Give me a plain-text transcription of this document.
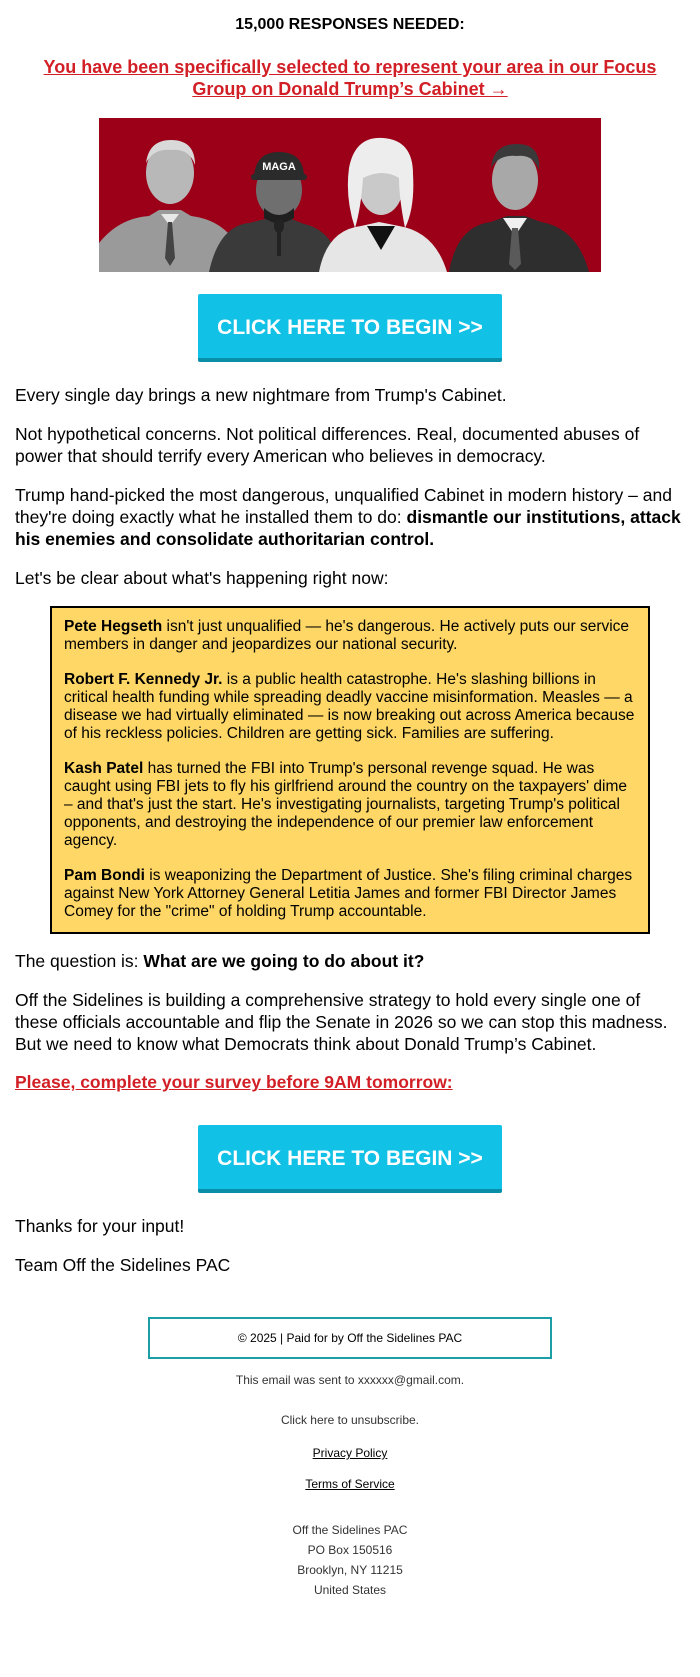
15,000 RESPONSES NEEDED:
You have been specifically selected to represent your area in our Focus Group on Donald Trump’s Cabinet →
MAGA
CLICK HERE TO BEGIN >>

Every single day brings a new nightmare from Trump's Cabinet.

Not hypothetical concerns. Not political differences. Real, documented abuses of power that should terrify every American who believes in democracy.

Trump hand-picked the most dangerous, unqualified Cabinet in modern history – and they're doing exactly what he installed them to do: dismantle our institutions, attack his enemies and consolidate authoritarian control.

Let's be clear about what's happening right now:

Pete Hegseth isn't just unqualified — he's dangerous. He actively puts our service members in danger and jeopardizes our national security.

Robert F. Kennedy Jr. is a public health catastrophe. He's slashing billions in critical health funding while spreading deadly vaccine misinformation. Measles — a disease we had virtually eliminated — is now breaking out across America because of his reckless policies. Children are getting sick. Families are suffering.

Kash Patel has turned the FBI into Trump's personal revenge squad. He was caught using FBI jets to fly his girlfriend around the country on the taxpayers' dime – and that's just the start. He's investigating journalists, targeting Trump's political opponents, and destroying the independence of our premier law enforcement agency.

Pam Bondi is weaponizing the Department of Justice. She's filing criminal charges against New York Attorney General Letitia James and former FBI Director James Comey for the "crime" of holding Trump accountable.

The question is: What are we going to do about it?

Off the Sidelines is building a comprehensive strategy to hold every single one of these officials accountable and flip the Senate in 2026 so we can stop this madness. But we need to know what Democrats think about Donald Trump’s Cabinet.

Please, complete your survey before 9AM tomorrow:
CLICK HERE TO BEGIN >>

Thanks for your input!

Team Off the Sidelines PAC

© 2025 | Paid for by Off the Sidelines PAC
This email was sent to xxxxxx@gmail.com.
Click here to unsubscribe.
Privacy Policy
Terms of Service
Off the Sidelines PAC
PO Box 150516
Brooklyn, NY 11215
United States
